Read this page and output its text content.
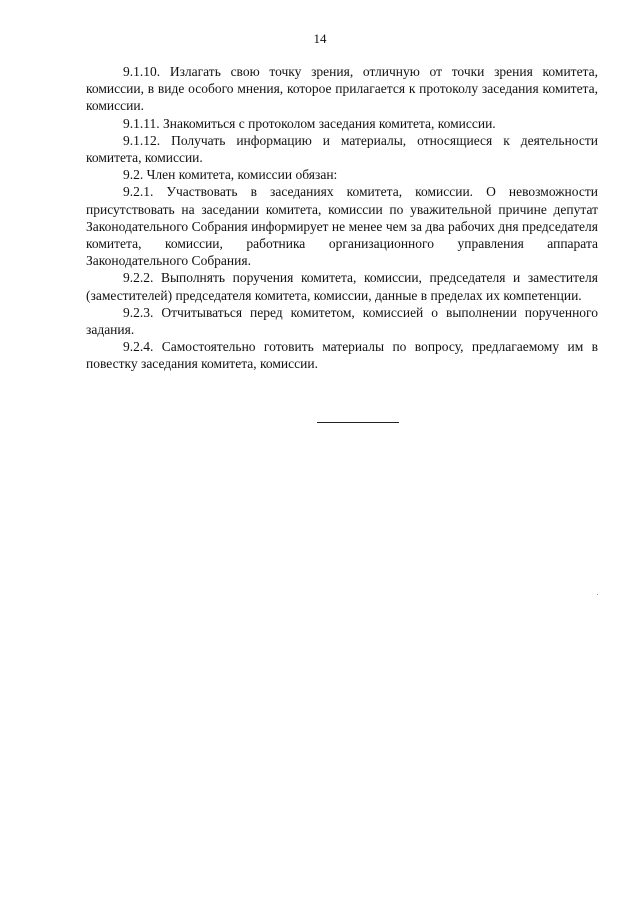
14

9.1.10. Излагать свою точку зрения, отличную от точки зрения комитета, комиссии, в виде особого мнения, которое прилагается к протоколу заседания комитета, комиссии.

9.1.11. Знакомиться с протоколом заседания комитета, комиссии.

9.1.12. Получать информацию и материалы, относящиеся к деятельности комитета, комиссии.

9.2. Член комитета, комиссии обязан:

9.2.1. Участвовать в заседаниях комитета, комиссии. О невозможности присутствовать на заседании комитета, комиссии по уважительной причине депутат Законодательного Собрания информирует не менее чем за два рабочих дня председателя комитета, комиссии, работника организационного управления аппарата Законодательного Собрания.

9.2.2. Выполнять поручения комитета, комиссии, председателя и заместителя (заместителей) председателя комитета, комиссии, данные в пределах их компетенции.

9.2.3. Отчитываться перед комитетом, комиссией о выполнении порученного задания.

9.2.4. Самостоятельно готовить материалы по вопросу, предлагаемому им в повестку заседания комитета, комиссии.
